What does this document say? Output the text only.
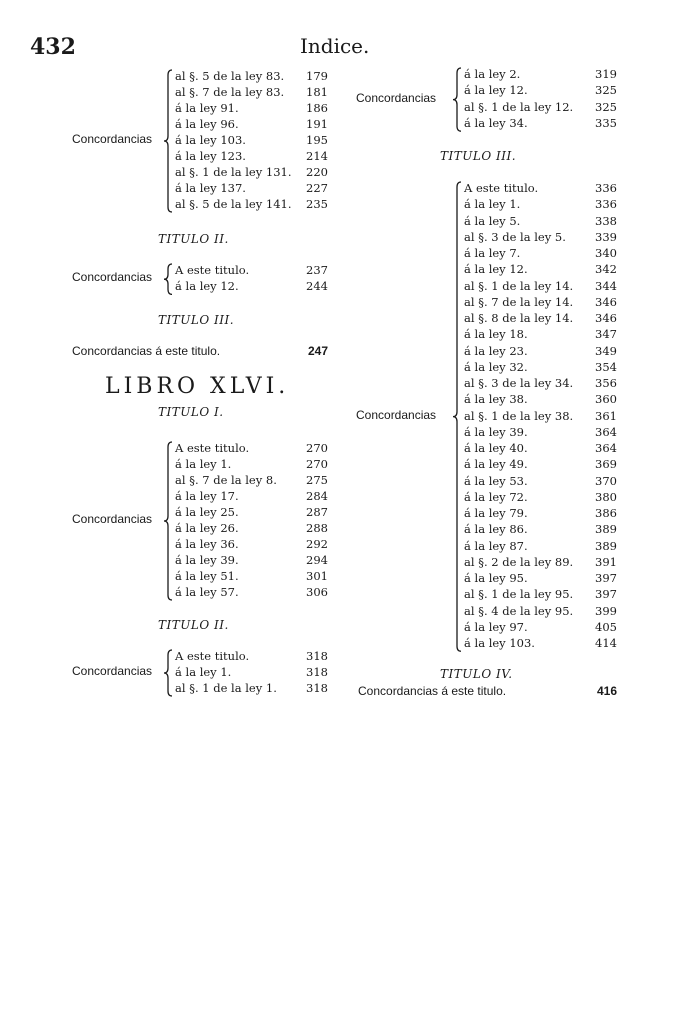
432	Indice.
al §. 5 de la ley 83.	179
al §. 7 de la ley 83.	181
á la ley 91.	186
á la ley 96.	191
á la ley 103.	195
á la ley 123.	214
al §. 1 de la ley 131.	220
á la ley 137.	227
al §. 5 de la ley 141.	235
Concordancias
TITULO II.
A este titulo.	237
á la ley 12.	244
Concordancias
TITULO III.
Concordancias á este titulo.	247
LIBRO XLVI.
TITULO I.
A este titulo.	270
á la ley 1.	270
al §. 7 de la ley 8.	275
á la ley 17.	284
á la ley 25.	287
á la ley 26.	288
á la ley 36.	292
á la ley 39.	294
á la ley 51.	301
á la ley 57.	306
Concordancias
TITULO II.
A este titulo.	318
á la ley 1.	318
al §. 1 de la ley 1.	318
Concordancias
á la ley 2.	319
á la ley 12.	325
al §. 1 de la ley 12.	325
á la ley 34.	335
Concordancias
TITULO III.
A este titulo.	336
á la ley 1.	336
á la ley 5.	338
al §. 3 de la ley 5.	339
á la ley 7.	340
á la ley 12.	342
al §. 1 de la ley 14.	344
al §. 7 de la ley 14.	346
al §. 8 de la ley 14.	346
á la ley 18.	347
á la ley 23.	349
á la ley 32.	354
al §. 3 de la ley 34.	356
á la ley 38.	360
al §. 1 de la ley 38.	361
á la ley 39.	364
á la ley 40.	364
á la ley 49.	369
á la ley 53.	370
á la ley 72.	380
á la ley 79.	386
á la ley 86.	389
á la ley 87.	389
al §. 2 de la ley 89.	391
á la ley 95.	397
al §. 1 de la ley 95.	397
al §. 4 de la ley 95.	399
á la ley 97.	405
á la ley 103.	414
Concordancias
TITULO IV.
Concordancias á este titulo.	416
